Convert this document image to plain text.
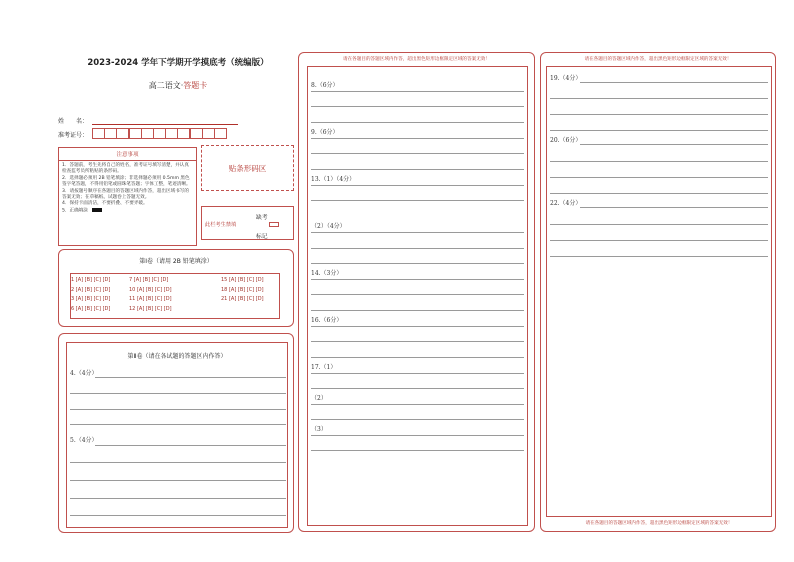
2023-2024 学年下学期开学摸底考（统编版）
高二语文·答题卡
姓　　名：
准考证号：
注意事项
1．答题前，考生先将自己的姓名，准考证号填写清楚，并认真检查监考员所粘贴的条形码。
2．选择题必须用 2B 铅笔填涂；非选择题必须用 0.5mm 黑色签字笔答题，不得用铅笔或圆珠笔答题；字体工整，笔迹清晰。
3．请按题号顺序在各题目的答题区域内作答，超出区域书写的答案无效；在草稿纸、试题卷上答题无效。
4．保持卡面清洁，不要折叠、不要弄破。
5．正确填涂
贴条形码区
此栏考生禁填
缺考
标记
第Ⅰ卷（请用 2B 铅笔填涂）
1 [A] [B] [C] [D]
2 [A] [B] [C] [D]
3 [A] [B] [C] [D]
6 [A] [B] [C] [D]
7 [A] [B] [C] [D]
10 [A] [B] [C] [D]
11 [A] [B] [C] [D]
12 [A] [B] [C] [D]
15 [A] [B] [C] [D]
18 [A] [B] [C] [D]
21 [A] [B] [C] [D]
第Ⅱ卷（请在各试题的答题区内作答）
4.（4分）
5.（4分）
请在各题目的答题区域内作答，超出黑色矩形边框限定区域的答案无效！
8.（6分）
9.（6分）
13.（1）（4分）
（2）（4分）
14.（3分）
16.（6分）
17.（1）
（2）
（3）
请在各题目的答题区域内作答，超出黑色矩形边框限定区域的答案无效！
19.（4分）
20.（6分）
22.（4分）
请在各题目的答题区域内作答，超出黑色矩形边框限定区域的答案无效！
